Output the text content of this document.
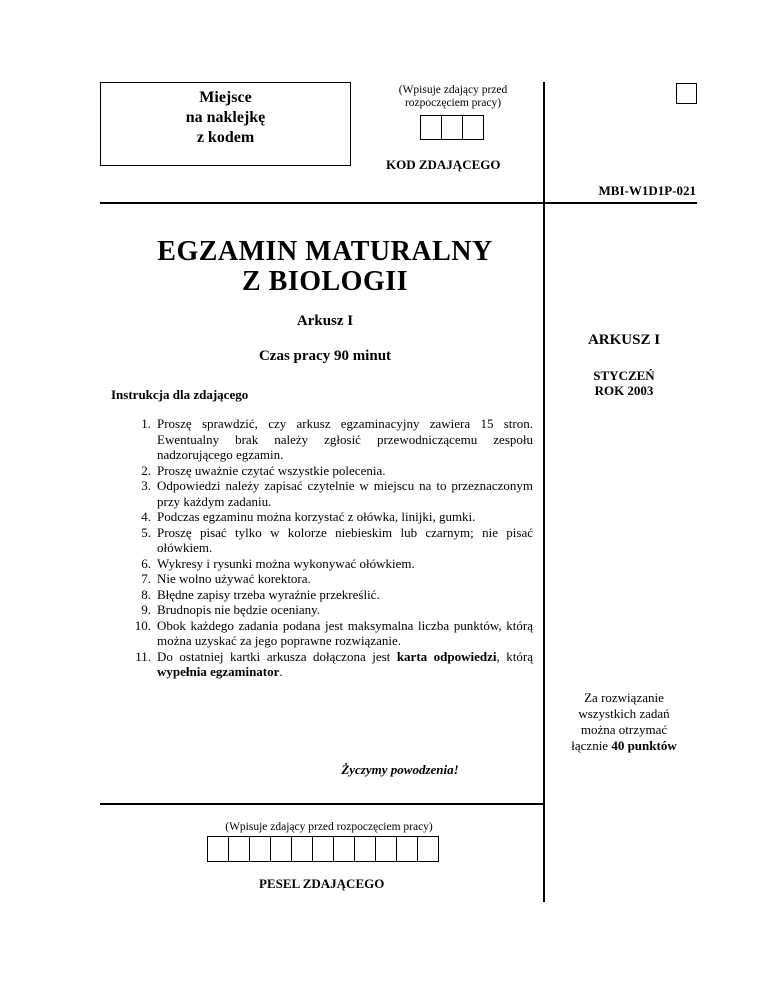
Miejsce
na naklejkę
z kodem
(Wpisuje zdający przed
rozpoczęciem pracy)
KOD ZDAJĄCEGO
MBI-W1D1P-021
EGZAMIN MATURALNY
Z BIOLOGII
Arkusz I
Czas pracy 90 minut
Instrukcja dla zdającego
1. Proszę sprawdzić, czy arkusz egzaminacyjny zawiera 15 stron. Ewentualny brak należy zgłosić przewodniczącemu zespołu nadzorującego egzamin.
2. Proszę uważnie czytać wszystkie polecenia.
3. Odpowiedzi należy zapisać czytelnie w miejscu na to przeznaczonym przy każdym zadaniu.
4. Podczas egzaminu można korzystać z ołówka, linijki, gumki.
5. Proszę pisać tylko w kolorze niebieskim lub czarnym; nie pisać ołówkiem.
6. Wykresy i rysunki można wykonywać ołówkiem.
7. Nie wolno używać korektora.
8. Błędne zapisy trzeba wyraźnie przekreślić.
9. Brudnopis nie będzie oceniany.
10. Obok każdego zadania podana jest maksymalna liczba punktów, którą można uzyskać za jego poprawne rozwiązanie.
11. Do ostatniej kartki arkusza dołączona jest karta odpowiedzi, którą wypełnia egzaminator.
Życzymy powodzenia!
ARKUSZ I
STYCZEŃ
ROK 2003
Za rozwiązanie
wszystkich zadań
można otrzymać
łącznie 40 punktów
(Wpisuje zdający przed rozpoczęciem pracy)
PESEL ZDAJĄCEGO
